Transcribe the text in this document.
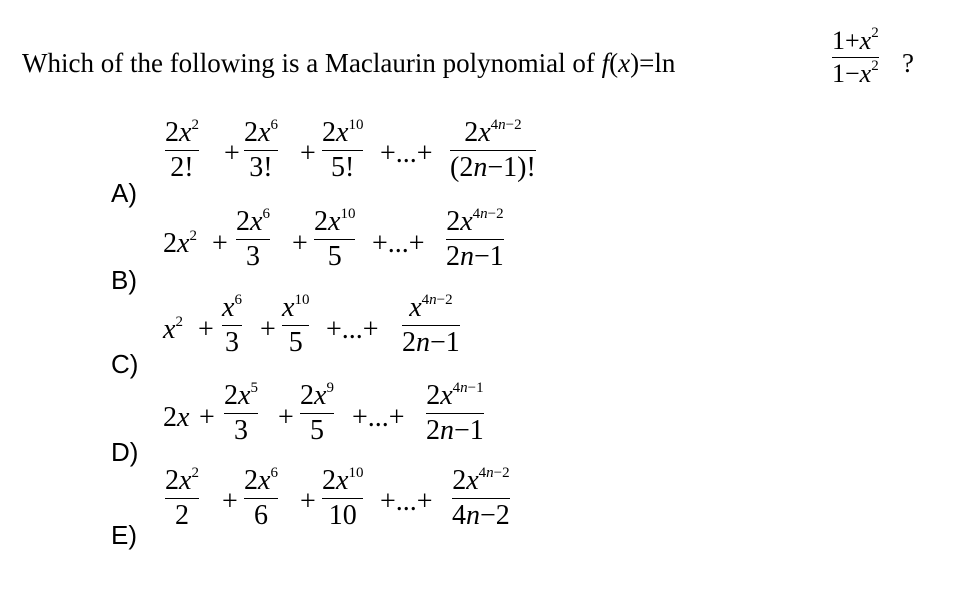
Which of the following is a Maclaurin polynomial of f(x)=ln
$1+x^2$
$1-x^2$ ?
A)
$2x^2$
2! +
$2x^6$
3! +
$2x^{10}$
5! +...+
$2x^{4n-2}$
(2n−1)!
B)
$2x^2$ +
$2x^6$
3	+
$2x^{10}$
5	+...+
$2x^{4n-2}$
2n−1
C)
$x^2$ +
$x^6$
3 +
$x^{10}$
5 +...+
$x^{4n-2}$
2n−1
D)
2x +
$2x^5$
3	+
$2x^9$
5	+...+
$2x^{4n-1}$
2n−1
E)
$2x^2$
2	+
$2x^6$
6	+
$2x^{10}$
10 +...+
$2x^{4n-2}$
4n−2
